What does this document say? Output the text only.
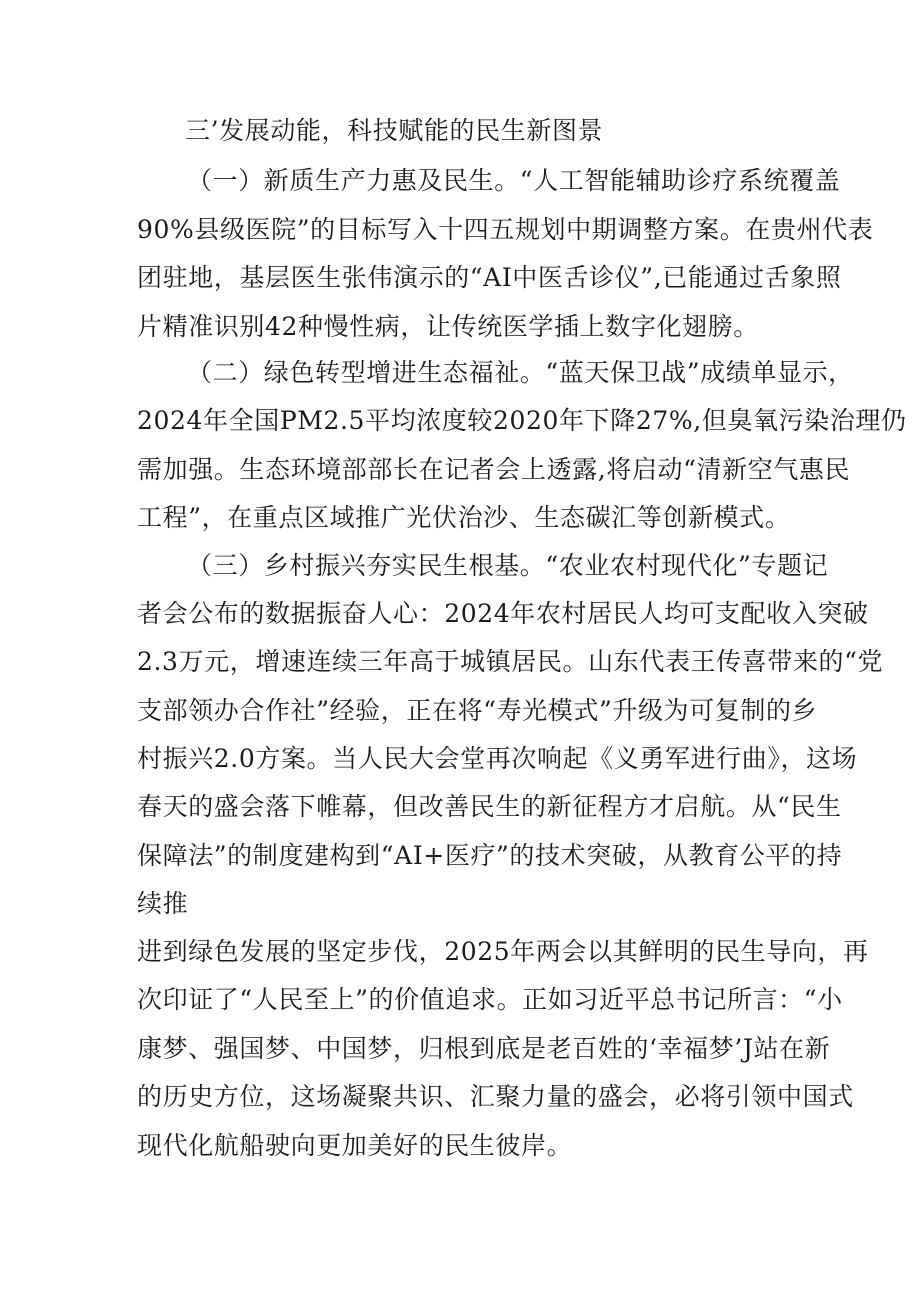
三’发展动能，科技赋能的民生新图景
（一）新质生产力惠及民生。“人工智能辅助诊疗系统覆盖
90%县级医院”的目标写入十四五规划中期调整方案。在贵州代表
团驻地，基层医生张伟演示的“AI中医舌诊仪”,已能通过舌象照
片精准识别42种慢性病，让传统医学插上数字化翅膀。
（二）绿色转型增进生态福祉。“蓝天保卫战”成绩单显示，
2024年全国PM2.5平均浓度较2020年下降27%,但臭氧污染治理仍
需加强。生态环境部部长在记者会上透露,将启动“清新空气惠民
工程”，在重点区域推广光伏治沙、生态碳汇等创新模式。
（三）乡村振兴夯实民生根基。“农业农村现代化”专题记
者会公布的数据振奋人心：2024年农村居民人均可支配收入突破
2.3万元，增速连续三年高于城镇居民。山东代表王传喜带来的“党
支部领办合作社”经验，正在将“寿光模式”升级为可复制的乡
村振兴2.0方案。当人民大会堂再次响起《义勇军进行曲》，这场
春天的盛会落下帷幕，但改善民生的新征程方才启航。从“民生
保障法”的制度建构到“AI+医疗”的技术突破，从教育公平的持
续推
进到绿色发展的坚定步伐，2025年两会以其鲜明的民生导向，再
次印证了“人民至上”的价值追求。正如习近平总书记所言：“小
康梦、强国梦、中国梦，归根到底是老百姓的‘幸福梦’J站在新
的历史方位，这场凝聚共识、汇聚力量的盛会，必将引领中国式
现代化航船驶向更加美好的民生彼岸。
